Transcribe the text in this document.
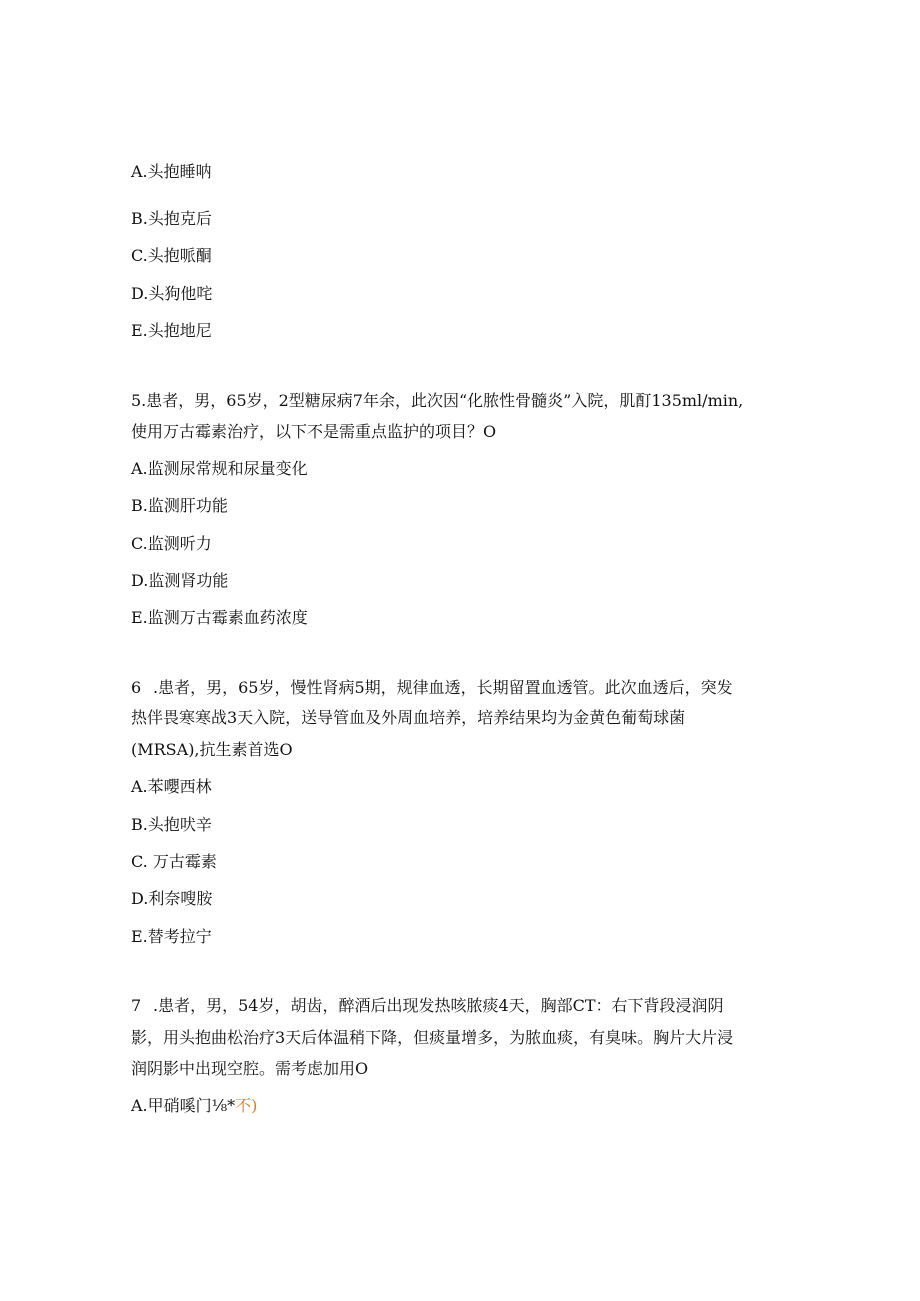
A.头抱睡呐
B.头抱克后
C.头抱哌酮
D.头狗他咤
E.头抱地尼
5.患者，男，65岁，2型糖尿病7年余，此次因“化脓性骨髓炎”入院，肌酊135ml∕min,
使用万古霉素治疗，以下不是需重点监护的项目？O
A.监测尿常规和尿量变化
B.监测肝功能
C.监测听力
D.监测肾功能
E.监测万古霉素血药浓度
6 .患者，男，65岁，慢性肾病5期，规律血透，长期留置血透管。此次血透后，突发
热伴畏寒寒战3天入院，送导管血及外周血培养，培养结果均为金黄色葡萄球菌
(MRSA),抗生素首选O
A.苯嚶西林
B.头抱吠辛
C. 万古霉素
D.利奈嗖胺
E.替考拉宁
7 .患者，男，54岁，胡齿，醉酒后出现发热咳脓痰4天，胸部CT：右下背段浸润阴
影，用头抱曲松治疗3天后体温稍下降，但痰量增多，为脓血痰，有臭味。胸片大片浸
润阴影中出现空腔。需考虑加用O
A.甲硝嗘门⅛*不)
